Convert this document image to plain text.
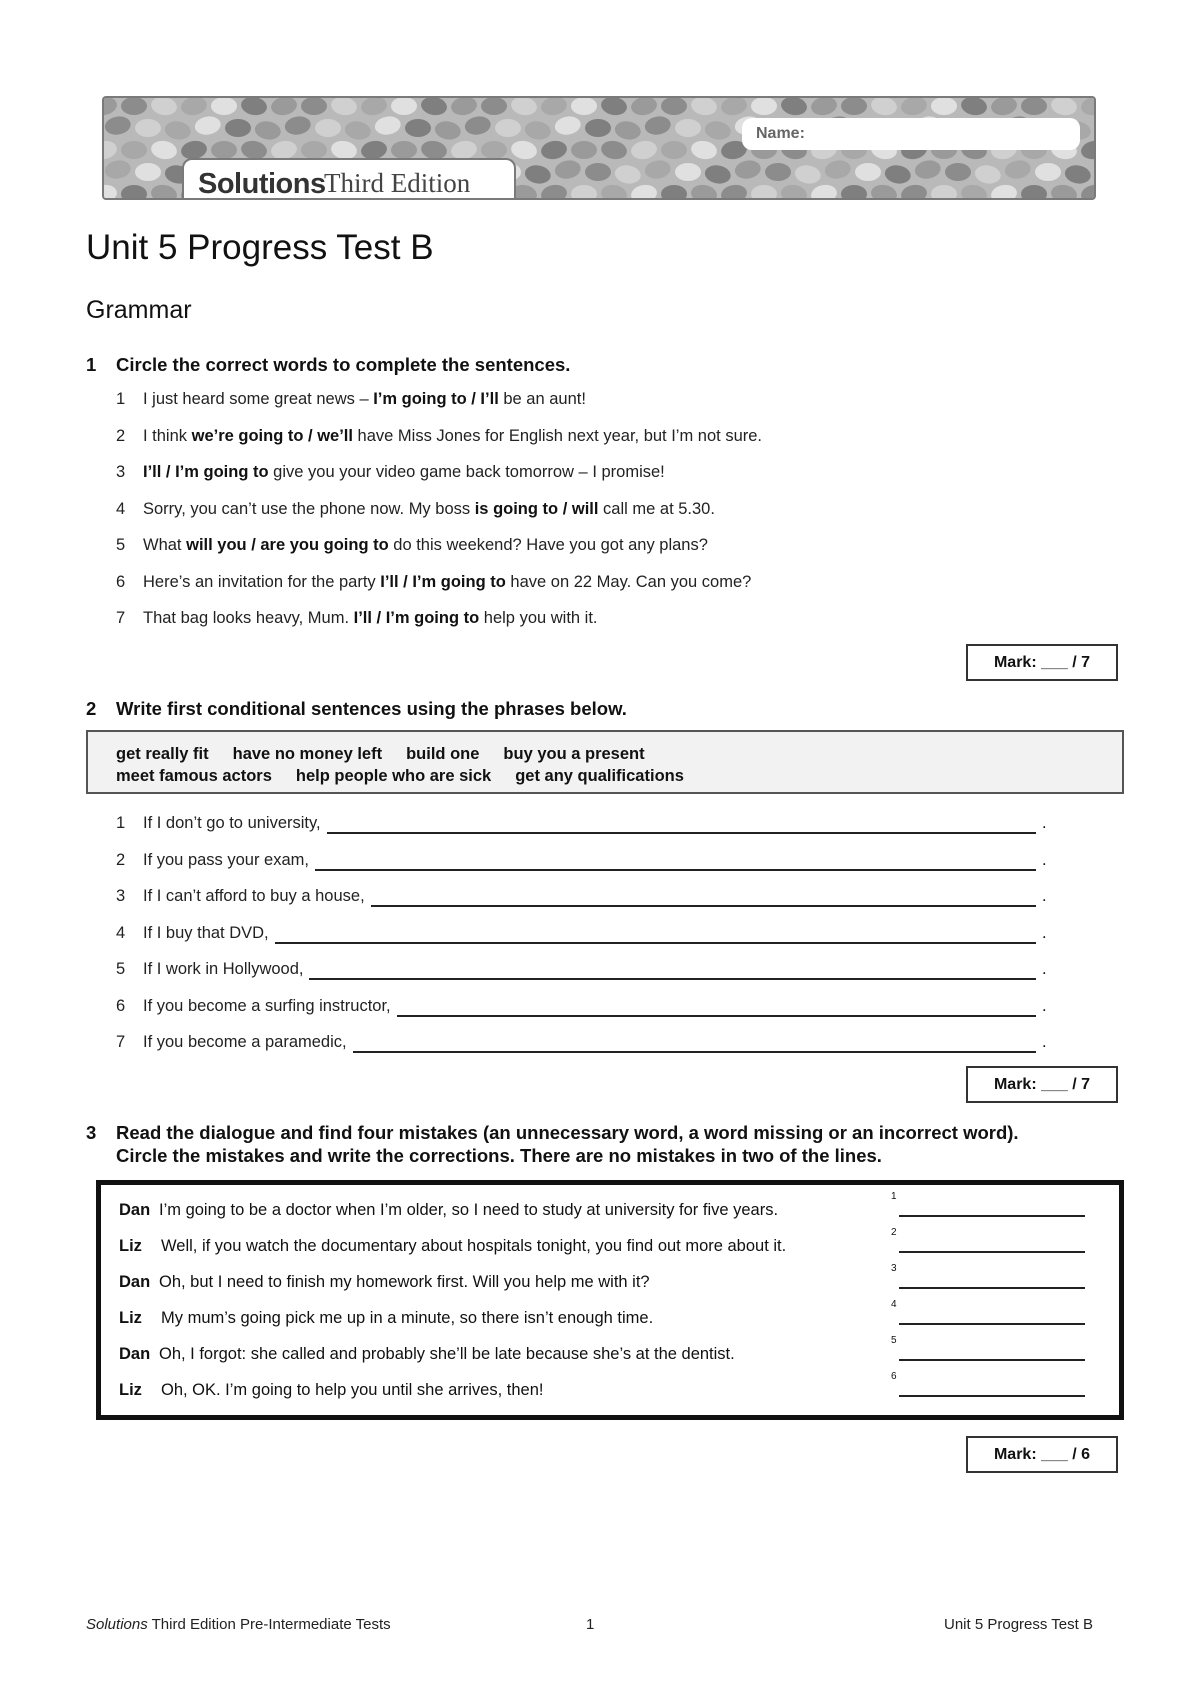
Name:
Solutions
Third Edition
Unit 5 Progress Test B
Grammar
1 Circle the correct words to complete the sentences.
1 I just heard some great news – I’m going to / I’ll be an aunt!
2 I think we’re going to / we’ll have Miss Jones for English next year, but I’m not sure.
3 I’ll / I’m going to give you your video game back tomorrow – I promise!
4 Sorry, you can’t use the phone now. My boss is going to / will call me at 5.30.
5 What will you / are you going to do this weekend? Have you got any plans?
6 Here’s an invitation for the party I’ll / I’m going to have on 22 May. Can you come?
7 That bag looks heavy, Mum. I’ll / I’m going to help you with it.
Mark: ___ / 7
2 Write first conditional sentences using the phrases below.
get really fit have no money left build one buy you a present
meet famous actors help people who are sick get any qualifications
1 If I don’t go to university,	.
2 If you pass your exam,	.
3 If I can’t afford to buy a house,	.
4 If I buy that DVD,	.
5 If I work in Hollywood,	.
6 If you become a surfing instructor,	.
7 If you become a paramedic,	.
Mark: ___ / 7
3 Read the dialogue and find four mistakes (an unnecessary word, a word missing or an incorrect word).
Circle the mistakes and write the corrections. There are no mistakes in two of the lines.
Dan I’m going to be a doctor when I’m older, so I need to study at university for five years.
1
Liz Well, if you watch the documentary about hospitals tonight, you find out more about it.
2
Dan Oh, but I need to finish my homework first. Will you help me with it?
3
Liz My mum’s going pick me up in a minute, so there isn’t enough time.
4
Dan Oh, I forgot: she called and probably she’ll be late because she’s at the dentist.
5
Liz Oh, OK. I’m going to help you until she arrives, then!
6
Mark: ___ / 6
Solutions Third Edition Pre-Intermediate Tests	1	Unit 5 Progress Test B
